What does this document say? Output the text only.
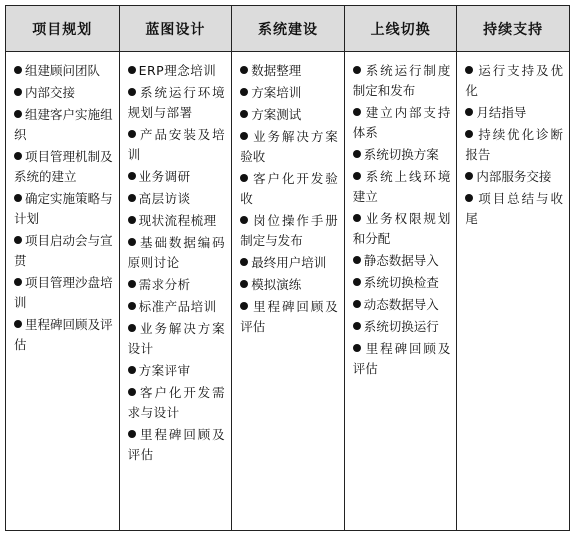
项目规划
组建顾问团队
内部交接
组建客户实施组织
项目管理机制及系统的建立
确定实施策略与计划
项目启动会与宣贯
项目管理沙盘培训
里程碑回顾及评估
蓝图设计
ERP理念培训
系统运行环境规划与部署
产品安装及培训
业务调研
高层访谈
现状流程梳理
基础数据编码原则讨论
需求分析
标准产品培训
业务解决方案设计
方案评审
客户化开发需求与设计
里程碑回顾及评估
系统建设
数据整理
方案培训
方案测试
业务解决方案验收
客户化开发验收
岗位操作手册制定与发布
最终用户培训
模拟演练
里程碑回顾及评估
上线切换
系统运行制度制定和发布
建立内部支持体系
系统切换方案
系统上线环境建立
业务权限规划和分配
静态数据导入
系统切换检查
动态数据导入
系统切换运行
里程碑回顾及评估
持续支持
运行支持及优化
月结指导
持续优化诊断报告
内部服务交接
项目总结与收尾
